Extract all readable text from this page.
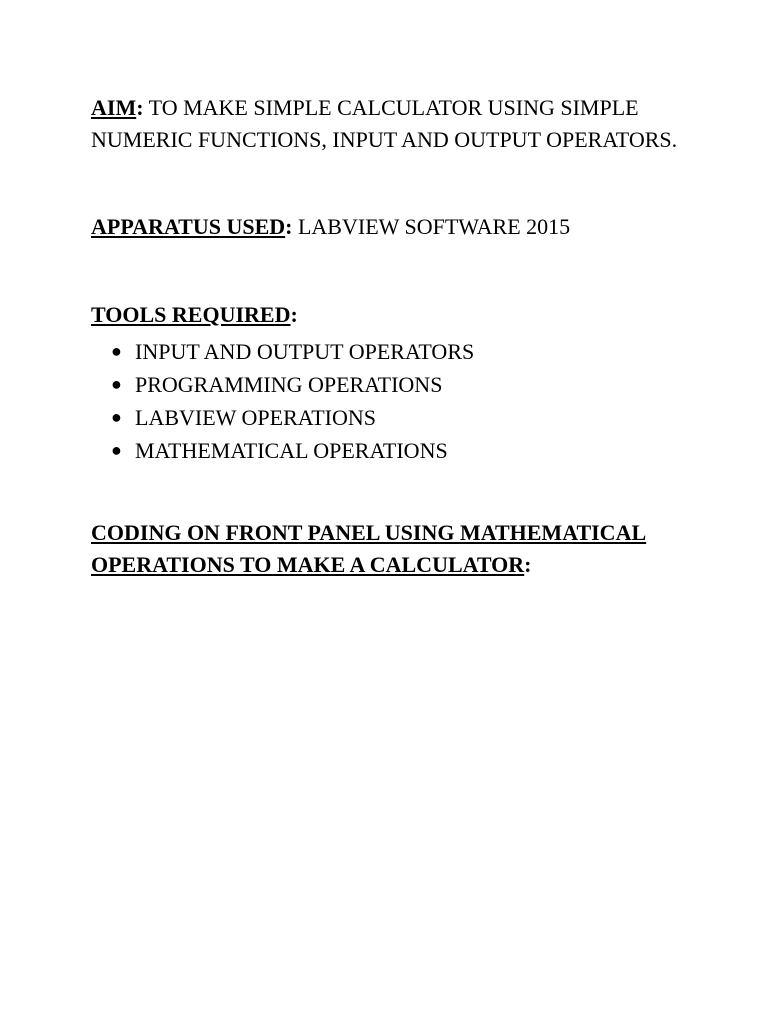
AIM: TO MAKE SIMPLE CALCULATOR USING SIMPLE NUMERIC FUNCTIONS, INPUT AND OUTPUT OPERATORS.

APPARATUS USED: LABVIEW SOFTWARE 2015

TOOLS REQUIRED:

● INPUT AND OUTPUT OPERATORS
● PROGRAMMING OPERATIONS
● LABVIEW OPERATIONS
● MATHEMATICAL OPERATIONS

CODING ON FRONT PANEL USING MATHEMATICAL OPERATIONS TO MAKE A CALCULATOR:
